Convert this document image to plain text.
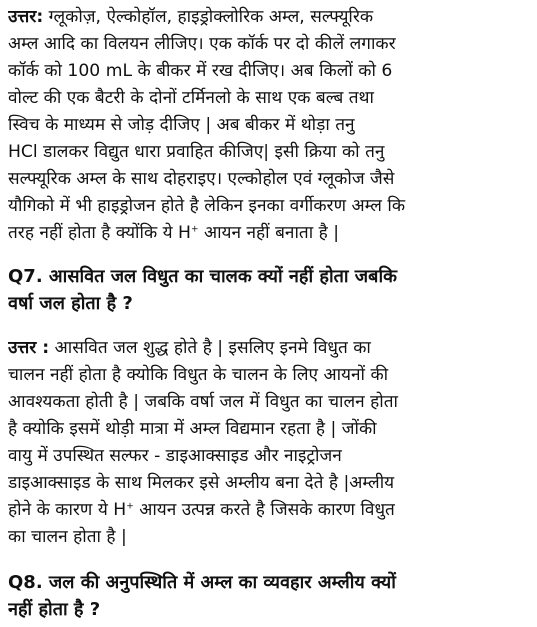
उत्तर: ग्लूकोज़, ऐल्कोहॉल, हाइड्रोक्लोरिक अम्ल, सल्फ्यूरिक
अम्ल आदि का विलयन लीजिए। एक कॉर्क पर दो कीलें लगाकर
कॉर्क को 100 mL के बीकर में रख दीजिए। अब किलों को 6
वोल्ट की एक बैटरी के दोनों टर्मिनलो के साथ एक बल्ब तथा
स्विच के माध्यम से जोड़ दीजिए | अब बीकर में थोड़ा तनु
HCl डालकर विद्युत धारा प्रवाहित कीजिए| इसी क्रिया को तनु
सल्फ्यूरिक अम्ल के साथ दोहराइए। एल्कोहोल एवं ग्लूकोज जैसे
यौगिको में भी हाइड्रोजन होते है लेकिन इनका वर्गीकरण अम्ल कि
तरह नहीं होता है क्योंकि ये H+ आयन नहीं बनाता है |
Q7. आसवित जल विधुत का चालक क्यों नहीं होता जबकि
वर्षा जल होता है ?
उत्तर : आसवित जल शुद्ध होते है | इसलिए इनमे विधुत का
चालन नहीं होता है क्योकि विधुत के चालन के लिए आयनों की
आवश्यकता होती है | जबकि वर्षा जल में विधुत का चालन होता
है क्योकि इसमें थोड़ी मात्रा में अम्ल विद्यमान रहता है | जोंकी
वायु में उपस्थित सल्फर - डाइआक्साइड और नाइट्रोजन
डाइआक्साइड के साथ मिलकर इसे अम्लीय बना देते है |अम्लीय
होने के कारण ये H+ आयन उत्पन्न करते है जिसके कारण विधुत
का चालन होता है |
Q8. जल की अनुपस्थिति में अम्ल का व्यवहार अम्लीय क्यों
नहीं होता है ?
